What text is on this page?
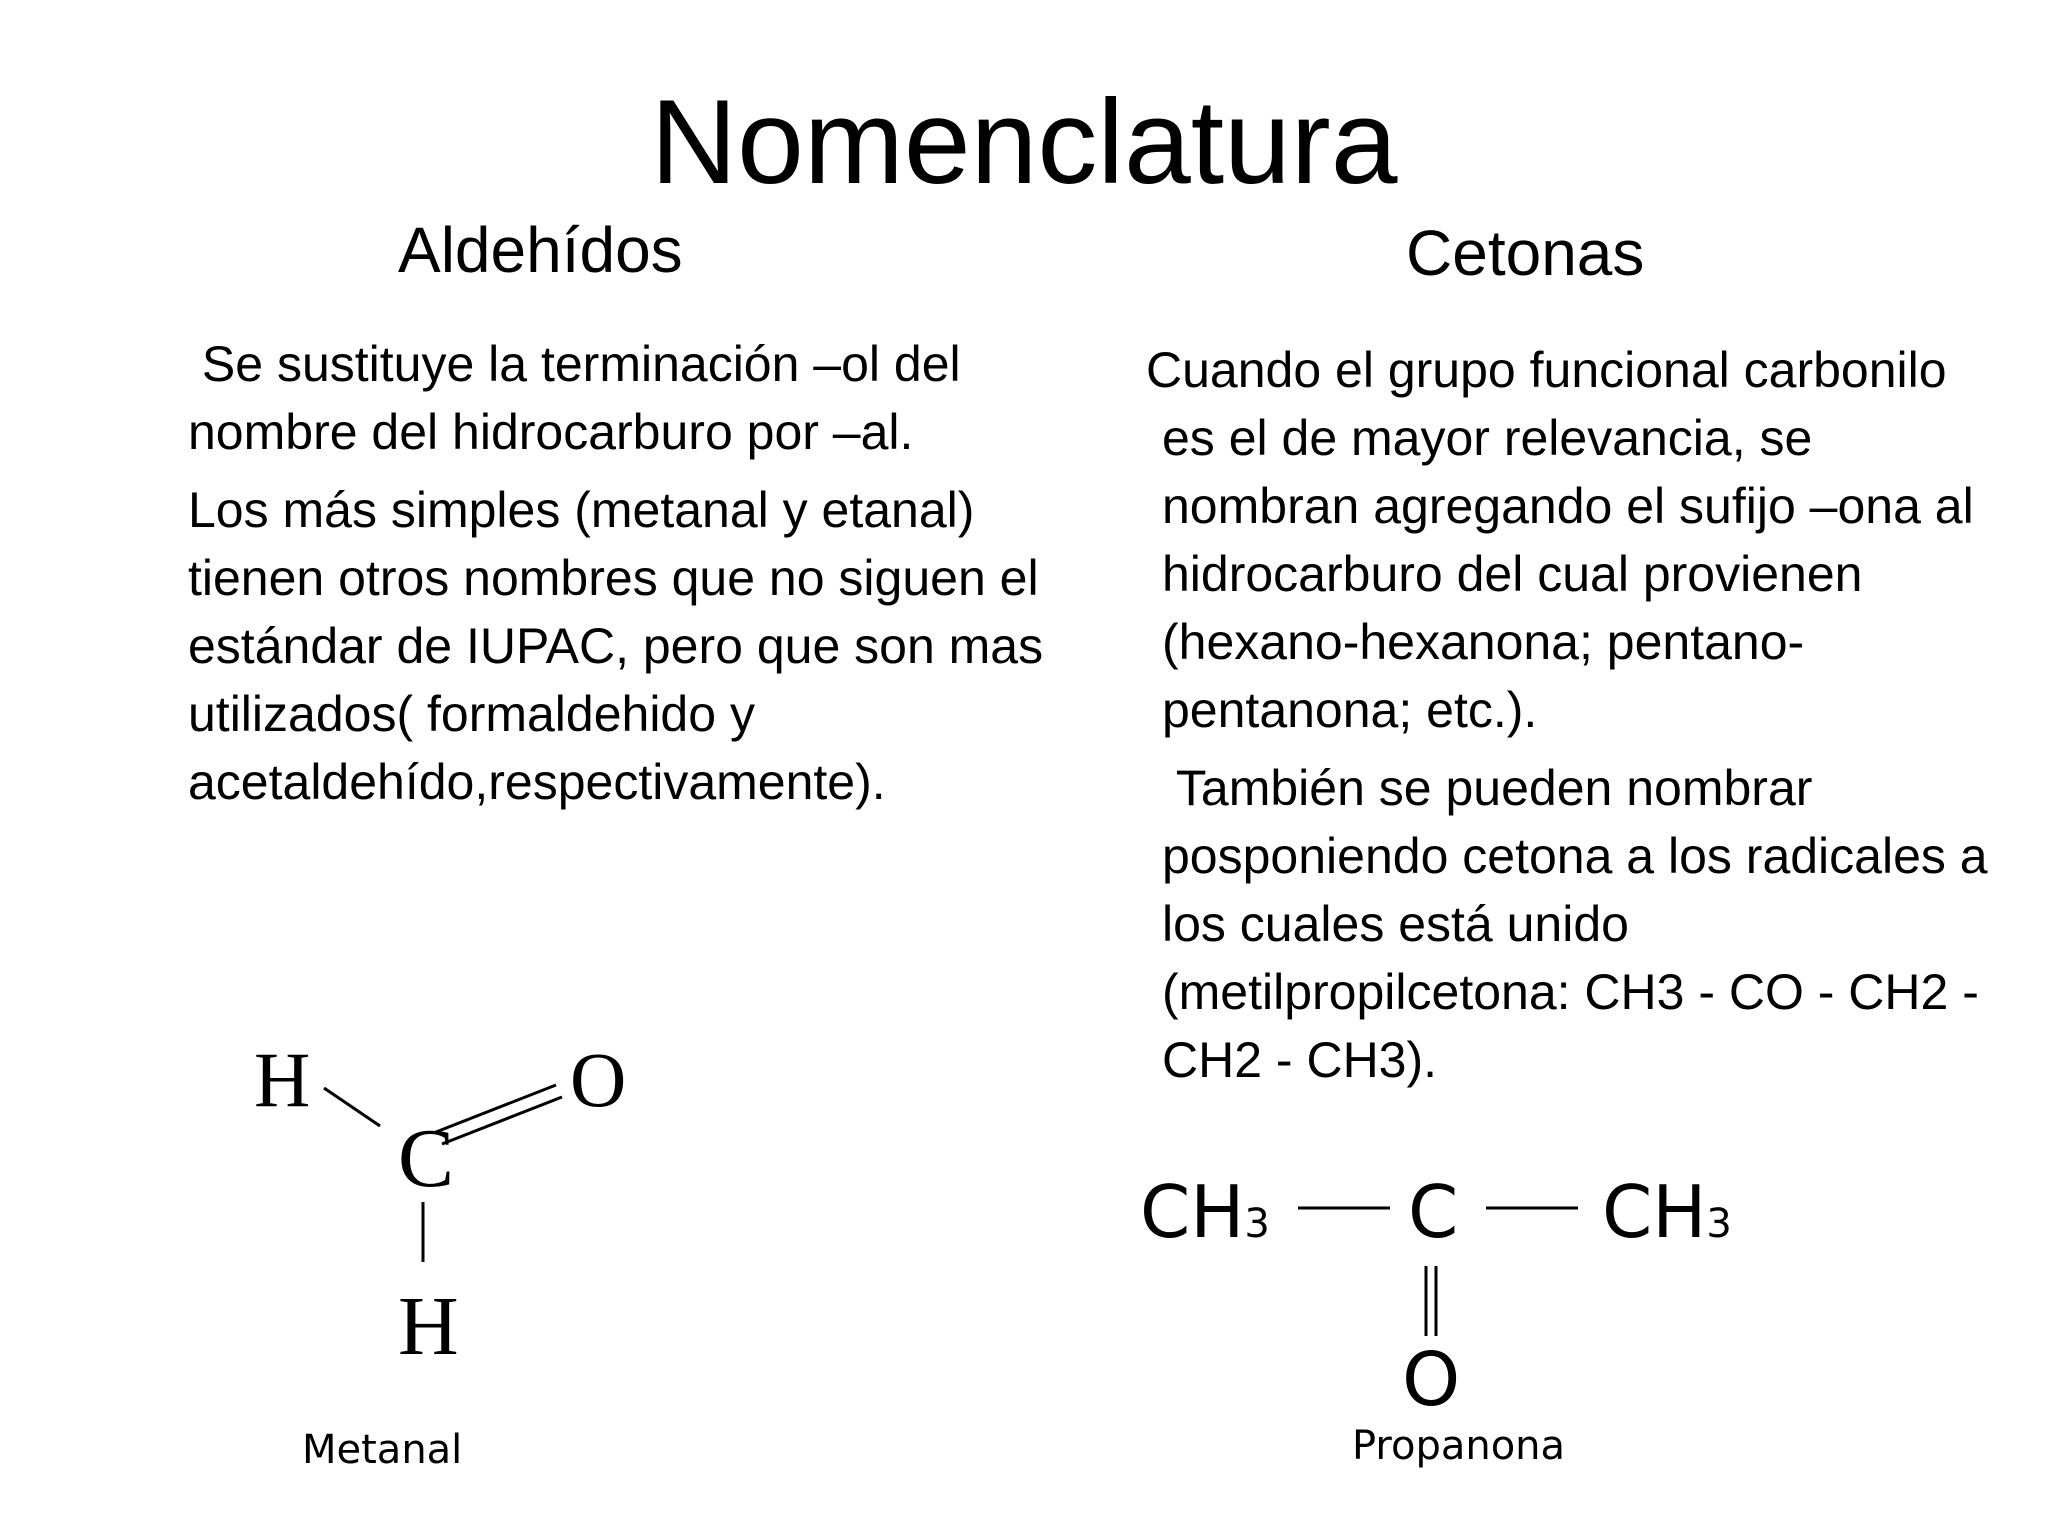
Nomenclatura
Aldehídos

Se sustituye la terminación –ol del nombre del hidrocarburo por –al.

Los más simples (metanal y etanal) tienen otros nombres que no siguen el estándar de IUPAC, pero que son mas utilizados( formaldehido y acetaldehído,respectivamente).

H	O
C
H
Metanal
Cetonas

Cuando el grupo funcional carbonilo es el de mayor relevancia, se nombran agregando el sufijo –ona al hidrocarburo del cual provienen (hexano-hexanona; pentano-pentanona; etc.).

También se pueden nombrar posponiendo cetona a los radicales a los cuales está unido (metilpropilcetona: CH3 - CO - CH2 - CH2 - CH3).

CH3 C CH3
O
Propanona
